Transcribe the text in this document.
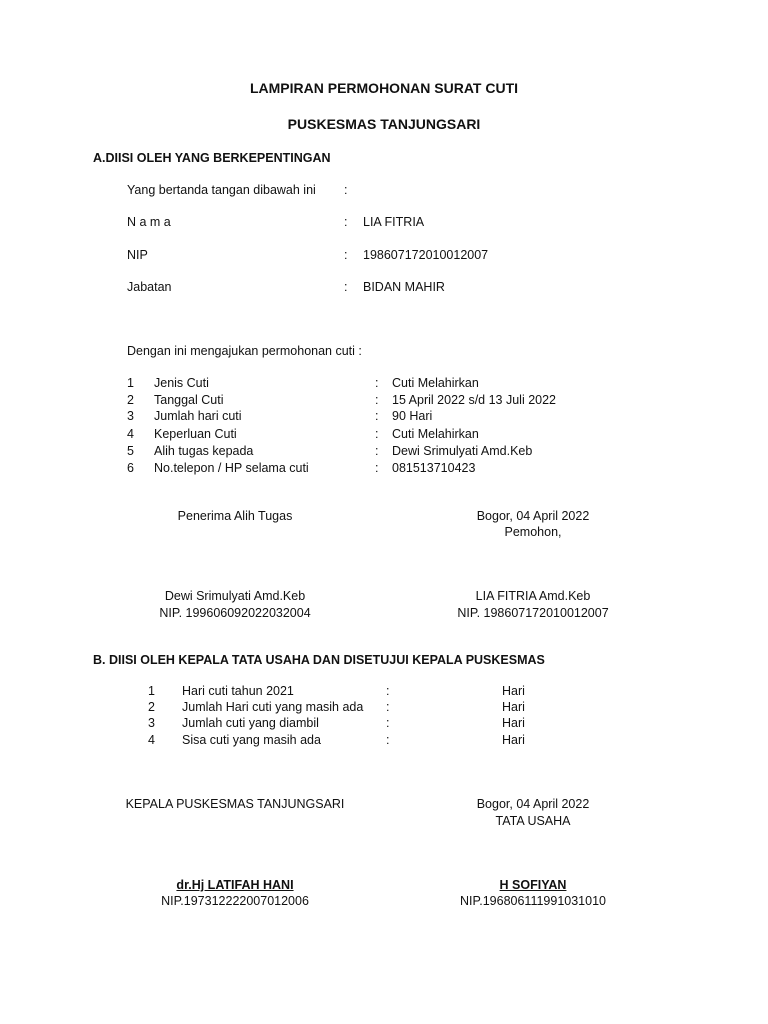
LAMPIRAN PERMOHONAN SURAT CUTI
PUSKESMAS TANJUNGSARI
A.DIISI OLEH YANG BERKEPENTINGAN
Yang bertanda tangan dibawah ini :
N a m a	: LIA FITRIA
NIP	: 198607172010012007
Jabatan	: BIDAN MAHIR
Dengan ini mengajukan permohonan cuti :
1 Jenis Cuti	: Cuti Melahirkan
2 Tanggal Cuti	: 15 April 2022 s/d 13 Juli 2022
3 Jumlah hari cuti	: 90 Hari
4 Keperluan Cuti	: Cuti Melahirkan
5 Alih tugas kepada	: Dewi Srimulyati Amd.Keb
6 No.telepon / HP selama cuti	: 081513710423
Penerima Alih Tugas	Bogor, 04 April 2022
Pemohon,
Dewi Srimulyati Amd.Keb
NIP. 199606092022032004
LIA FITRIA Amd.Keb
NIP. 198607172010012007
B. DIISI OLEH KEPALA TATA USAHA DAN DISETUJUI KEPALA PUSKESMAS
1 Hari cuti tahun 2021	:	Hari
2 Jumlah Hari cuti yang masih ada :	Hari
3 Jumlah cuti yang diambil	:	Hari
4 Sisa cuti yang masih ada	:	Hari
KEPALA PUSKESMAS TANJUNGSARI	Bogor, 04 April 2022
TATA USAHA
dr.Hj LATIFAH HANI
NIP.197312222007012006
H SOFIYAN
NIP.196806111991031010
